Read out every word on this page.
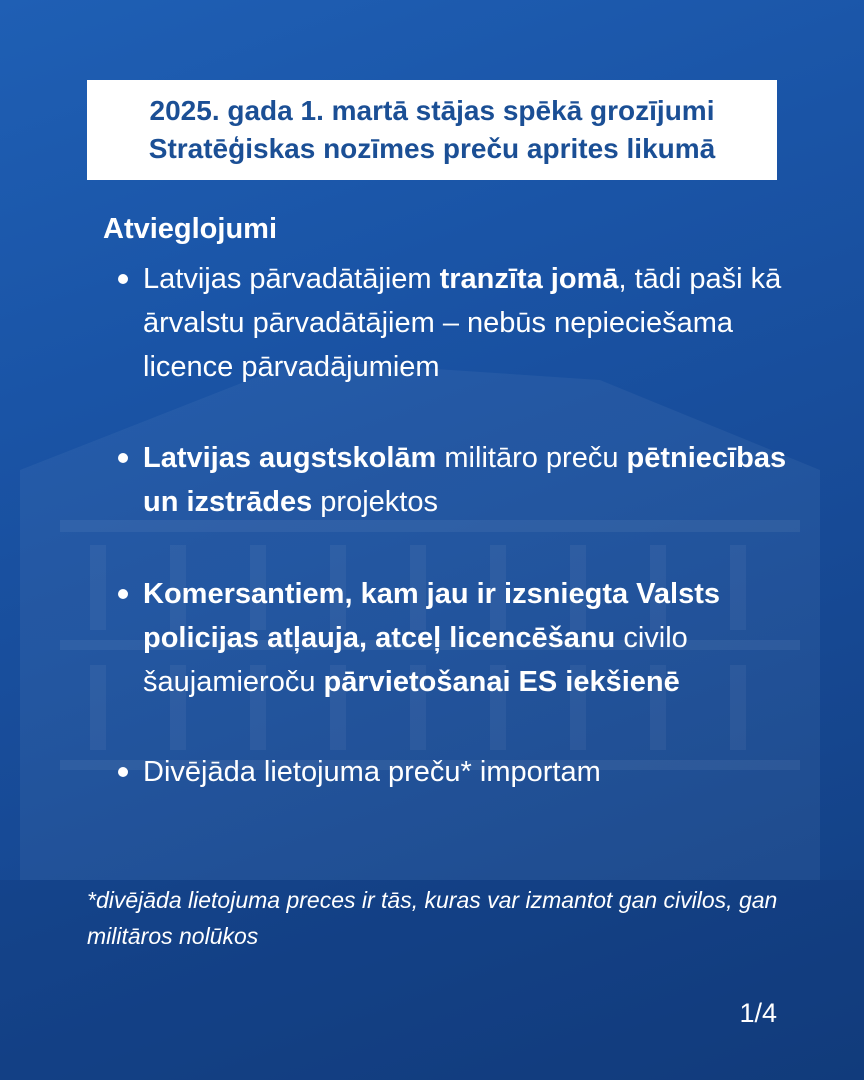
2025. gada 1. martā stājas spēkā grozījumi
Stratēģiskas nozīmes preču aprites likumā
Atvieglojumi
Latvijas pārvadātājiem tranzīta jomā, tādi paši kā ārvalstu pārvadātājiem – nebūs nepieciešama licence pārvadājumiem
Latvijas augstskolām militāro preču pētniecības un izstrādes projektos
Komersantiem, kam jau ir izsniegta Valsts policijas atļauja, atceļ licencēšanu civilo šaujamieroču pārvietošanai ES iekšienē
Divējāda lietojuma preču* importam
*divējāda lietojuma preces ir tās, kuras var izmantot gan civilos, gan militāros nolūkos
1/4
